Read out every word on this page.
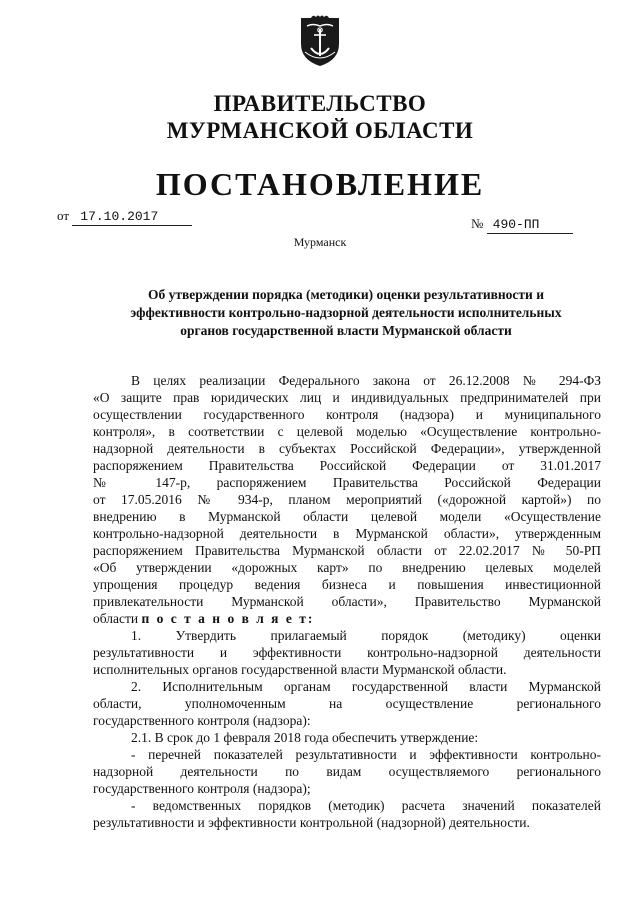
ПРАВИТЕЛЬСТВО
МУРМАНСКОЙ ОБЛАСТИ
ПОСТАНОВЛЕНИЕ
от 17.10.2017	№ 490-ПП
Мурманск
Об утверждении порядка (методики) оценки результативности и
эффективности контрольно-надзорной деятельности исполнительных
органов государственной власти Мурманской области

В целях реализации Федерального закона от 26.12.2008 № 294-ФЗ

«О защите прав юридических лиц и индивидуальных предпринимателей при

осуществлении государственного контроля (надзора) и муниципального

контроля», в соответствии с целевой моделью «Осуществление контрольно-

надзорной деятельности в субъектах Российской Федерации», утвержденной

распоряжением Правительства Российской Федерации от 31.01.2017

№ 147-р, распоряжением Правительства Российской Федерации

от 17.05.2016 № 934-р, планом мероприятий («дорожной картой») по

внедрению в Мурманской области целевой модели «Осуществление

контрольно-надзорной деятельности в Мурманской области», утвержденным

распоряжением Правительства Мурманской области от 22.02.2017 № 50-РП

«Об утверждении «дорожных карт» по внедрению целевых моделей

упрощения процедур ведения бизнеса и повышения инвестиционной

привлекательности Мурманской области», Правительство Мурманской

области п о с т а н о в л я е т:

1. Утвердить прилагаемый порядок (методику) оценки

результативности и эффективности контрольно-надзорной деятельности

исполнительных органов государственной власти Мурманской области.

2. Исполнительным органам государственной власти Мурманской

области, уполномоченным на осуществление регионального

государственного контроля (надзора):

2.1. В срок до 1 февраля 2018 года обеспечить утверждение:

- перечней показателей результативности и эффективности контрольно-

надзорной деятельности по видам осуществляемого регионального

государственного контроля (надзора);

- ведомственных порядков (методик) расчета значений показателей

результативности и эффективности контрольной (надзорной) деятельности.
